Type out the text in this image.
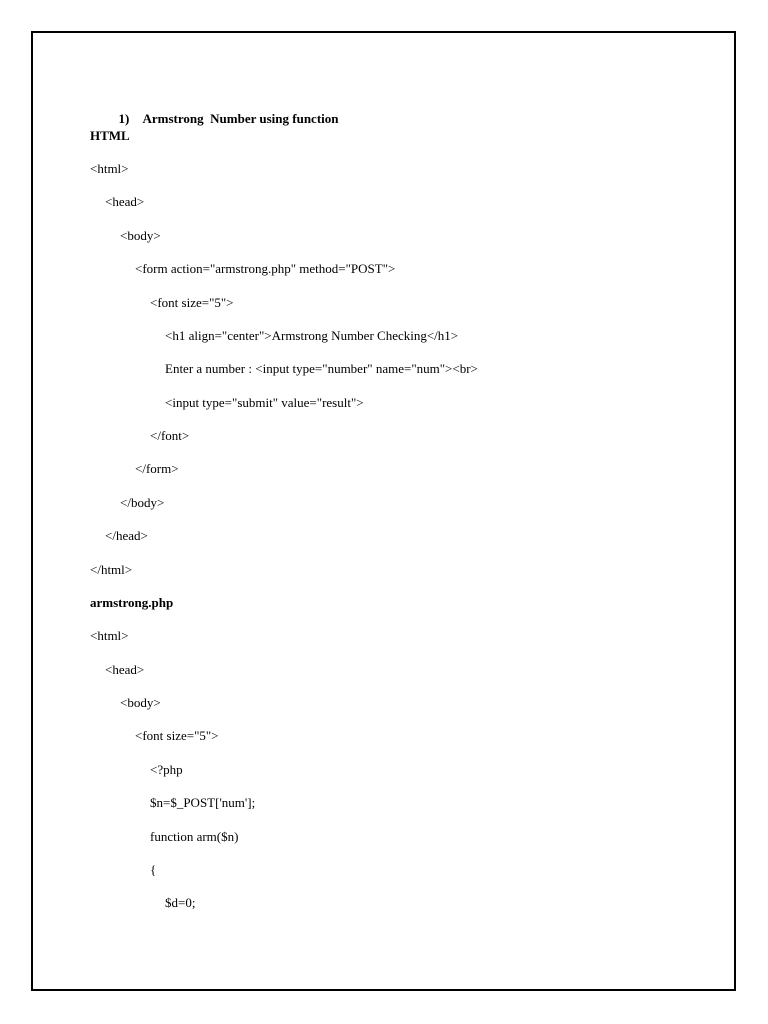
1) Armstrong  Number using function

HTML
<html>
<head>
<body>
<form action="armstrong.php" method="POST">
<font size="5">
<h1 align="center">Armstrong Number Checking</h1>
Enter a number : <input type="number" name="num"><br>
<input type="submit" value="result">
</font>
</form>
</body>
</head>
</html>
armstrong.php
<html>
<head>
<body>
<font size="5">
<?php
$n=$_POST['num'];
function arm($n)
{
$d=0;
